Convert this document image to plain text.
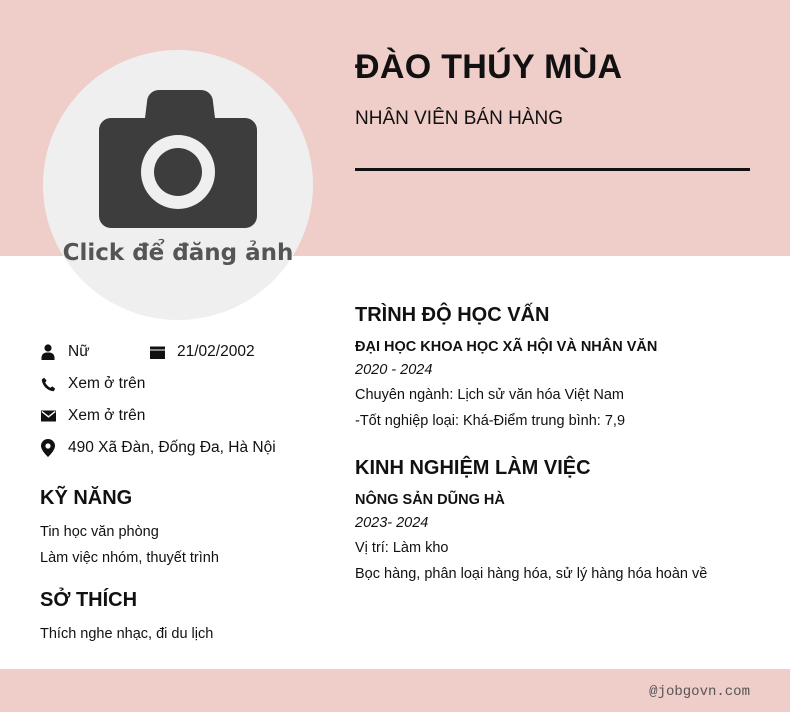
Click để đăng ảnh
ĐÀO THÚY MÙA
NHÂN VIÊN BÁN HÀNG
Nữ	21/02/2002
Xem ở trên
Xem ở trên
490 Xã Đàn, Đống Đa, Hà Nội
KỸ NĂNG
Tin học văn phòng
Làm việc nhóm, thuyết trình
SỞ THÍCH
Thích nghe nhạc, đi du lịch
TRÌNH ĐỘ HỌC VẤN
ĐẠI HỌC KHOA HỌC XÃ HỘI VÀ NHÂN VĂN
2020 - 2024
Chuyên ngành: Lịch sử văn hóa Việt Nam
-Tốt nghiệp loại: Khá-Điểm trung bình: 7,9
KINH NGHIỆM LÀM VIỆC
NÔNG SẢN DŨNG HÀ
2023- 2024
Vị trí: Làm kho
Bọc hàng, phân loại hàng hóa, sử lý hàng hóa hoàn về
@jobgovn.com
